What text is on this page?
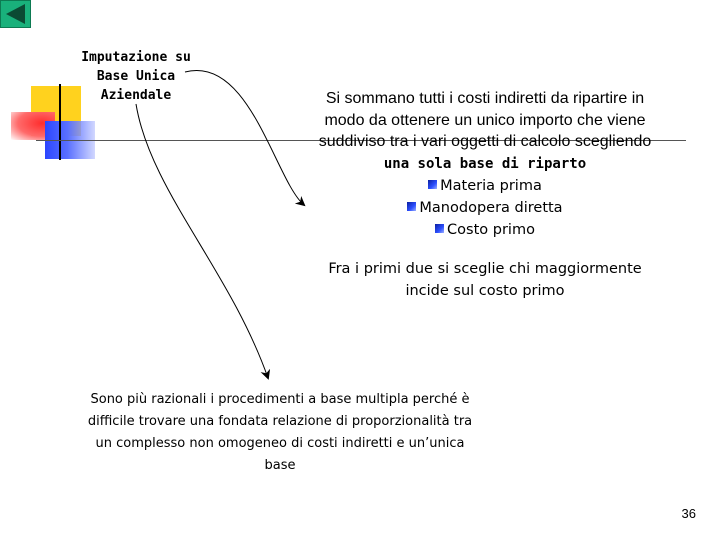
Imputazione su Base Unica Aziendale	Si sommano tutti i costi indiretti da ripartire in modo da ottenere un unico importo che viene suddiviso tra i vari oggetti di calcolo scegliendo una sola base di riparto
Materia prima
Manodopera diretta
Costo primo
Fra i primi due si sceglie chi maggiormente incide sul costo primo
Sono più razionali i procedimenti a base multipla perché è difficile trovare una fondata relazione di proporzionalità tra un complesso non omogeneo di costi indiretti e un’unica base
36
